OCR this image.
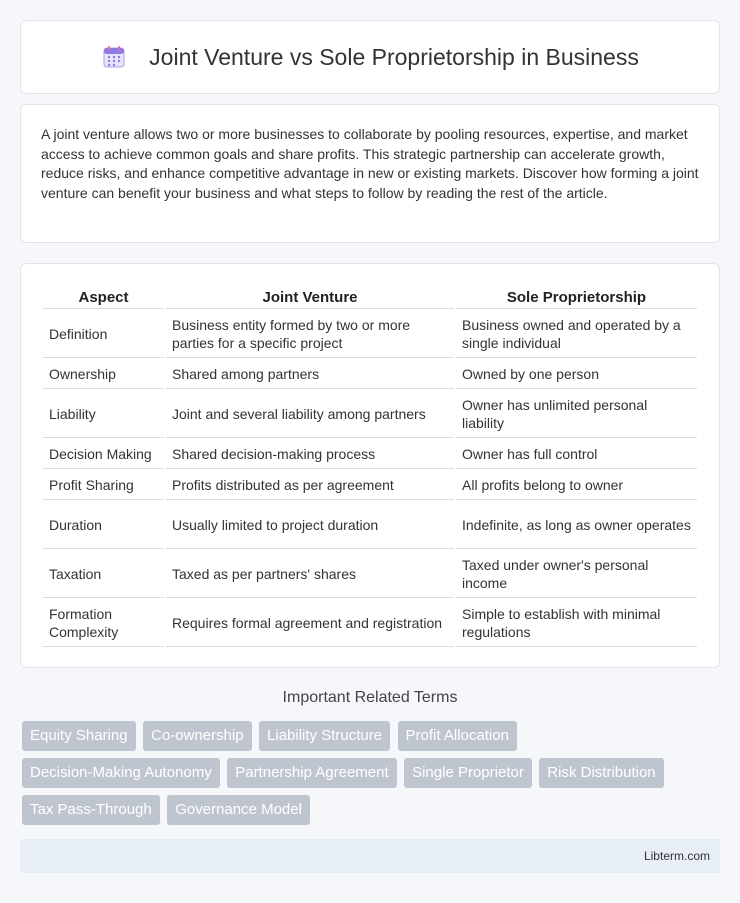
Joint Venture vs Sole Proprietorship in Business

A joint venture allows two or more businesses to collaborate by pooling resources, expertise, and market access to achieve common goals and share profits. This strategic partnership can accelerate growth, reduce risks, and enhance competitive advantage in new or existing markets. Discover how forming a joint venture can benefit your business and what steps to follow by reading the rest of the article.

Aspect	Joint Venture	Sole Proprietorship
Definition	Business entity formed by two or more parties for a specific project	Business owned and operated by a single individual
Ownership	Shared among partners	Owned by one person
Liability	Joint and several liability among partners	Owner has unlimited personal liability
Decision Making	Shared decision-making process	Owner has full control
Profit Sharing	Profits distributed as per agreement	All profits belong to owner
Duration	Usually limited to project duration	Indefinite, as long as owner operates
Taxation	Taxed as per partners' shares	Taxed under owner's personal income
Formation Complexity	Requires formal agreement and registration	Simple to establish with minimal regulations
Important Related Terms
Equity Sharing Co-ownership Liability Structure Profit Allocation Decision-Making Autonomy Partnership Agreement Single Proprietor Risk Distribution Tax Pass-Through Governance Model
Libterm.com
